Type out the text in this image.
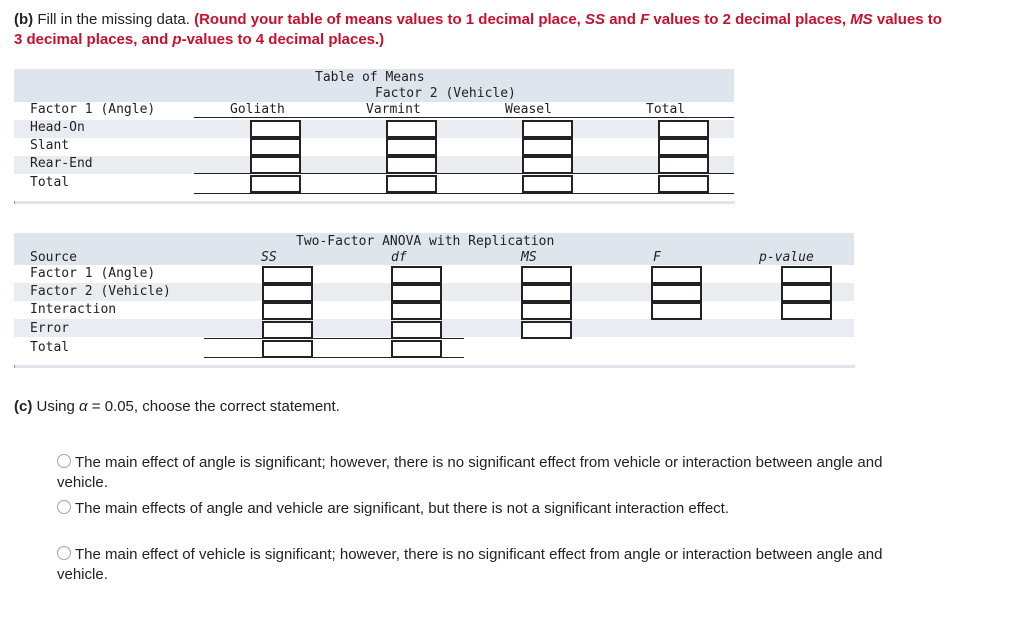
(b) Fill in the missing data. (Round your table of means values to 1 decimal place, SS and F values to 2 decimal places, MS values to
3 decimal places, and p-values to 4 decimal places.)
Table of Means
Factor 2 (Vehicle)
Factor 1 (Angle)	Goliath	Varmint	Weasel	Total
Head-On
Slant
Rear-End
Total
Two-Factor ANOVA with Replication
Source	SS	df	MS	F	p-value
Factor 1 (Angle)
Factor 2 (Vehicle)
Interaction
Error
Total
(c) Using α = 0.05, choose the correct statement.
The main effect of angle is significant; however, there is no significant effect from vehicle or interaction between angle and
vehicle.
The main effects of angle and vehicle are significant, but there is not a significant interaction effect.
The main effect of vehicle is significant; however, there is no significant effect from angle or interaction between angle and
vehicle.
